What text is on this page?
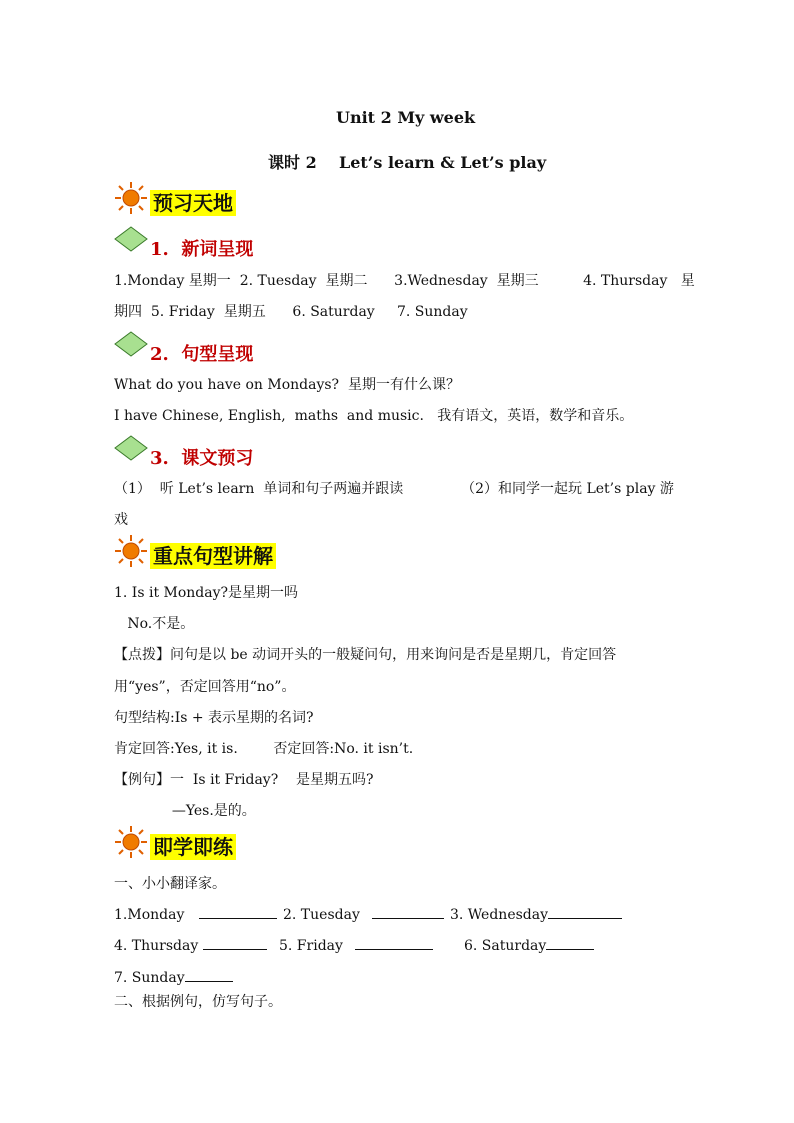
Unit 2 My week
课时 2    Let’s learn & Let’s play
预习天地
1.  新词呈现
1.Monday 星期一  2. Tuesday  星期二      3.Wednesday  星期三          4. Thursday   星
期四  5. Friday  星期五      6. Saturday     7. Sunday
2.  句型呈现
What do you have on Mondays?  星期一有什么课？
I have Chinese, English,  maths  and music.   我有语文，英语，数学和音乐。
3.  课文预习
（1）  听 Let’s learn  单词和句子两遍并跟读             （2）和同学一起玩 Let’s play 游
戏
重点句型讲解
1. Is it Monday?是星期一吗
No.不是。
【点拨】问句是以 be 动词开头的一般疑问句，用来询问是否是星期几，肯定回答
用“yes”，否定回答用“no”。
句型结构:Is + 表示星期的名词?
肯定回答:Yes, it is.        否定回答:No. it isn’t.
【例句】一  Is it Friday?    是星期五吗?
—Yes.是的。
即学即练
一、小小翻译家。
1.Monday	2. Tuesday	3. Wednesday
4. Thursday	5. Friday	6. Saturday
7. Sunday
二、根据例句，仿写句子。
